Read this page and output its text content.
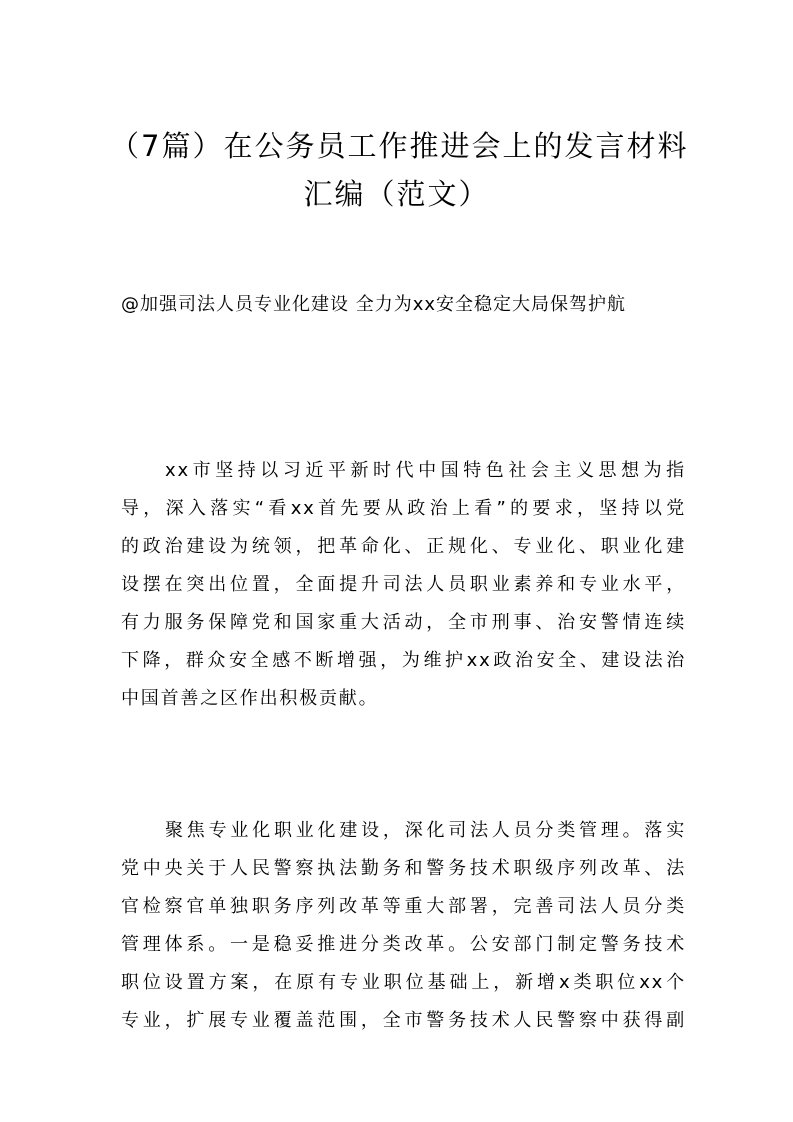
（7篇）在公务员工作推进会上的发言材料
汇编（范文）
@加强司法人员专业化建设 全力为xx安全稳定大局保驾护航
xx市坚持以习近平新时代中国特色社会主义思想为指
导，深入落实“看xx首先要从政治上看”的要求，坚持以党
的政治建设为统领，把革命化、正规化、专业化、职业化建
设摆在突出位置，全面提升司法人员职业素养和专业水平，
有力服务保障党和国家重大活动，全市刑事、治安警情连续
下降，群众安全感不断增强，为维护xx政治安全、建设法治
中国首善之区作出积极贡献。
聚焦专业化职业化建设，深化司法人员分类管理。落实
党中央关于人民警察执法勤务和警务技术职级序列改革、法
官检察官单独职务序列改革等重大部署，完善司法人员分类
管理体系。一是稳妥推进分类改革。公安部门制定警务技术
职位设置方案，在原有专业职位基础上，新增x类职位xx个
专业，扩展专业覆盖范围，全市警务技术人民警察中获得副
